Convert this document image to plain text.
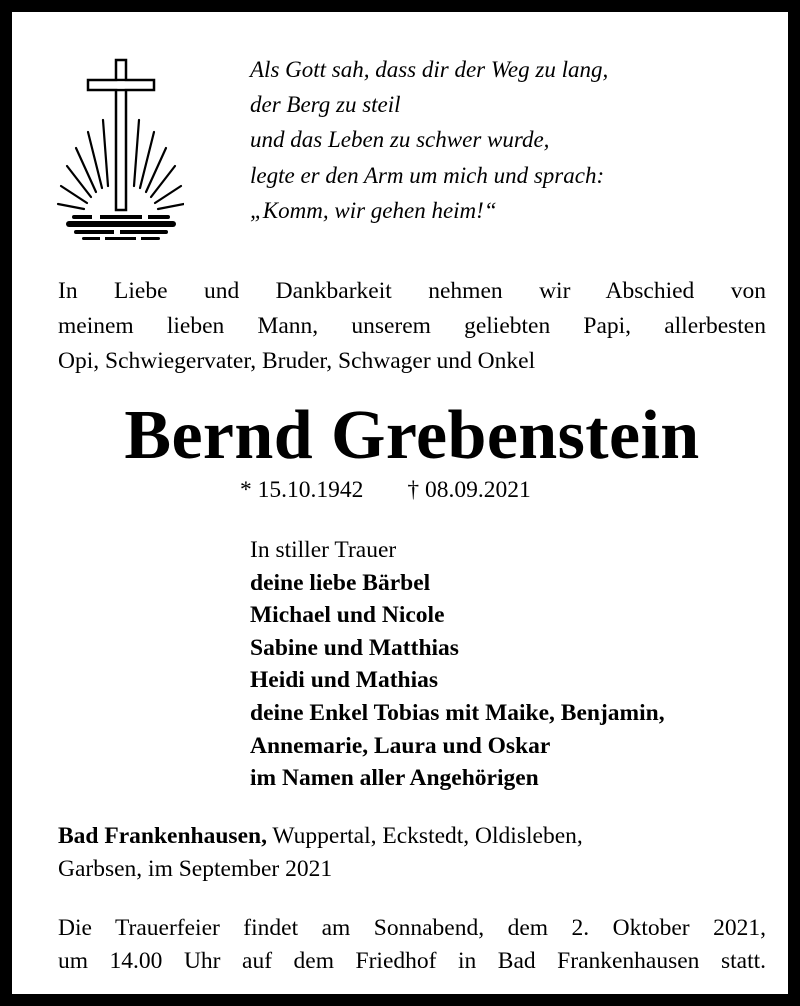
Als Gott sah, dass dir der Weg zu lang,
der Berg zu steil
und das Leben zu schwer wurde,
legte er den Arm um mich und sprach:
„Komm, wir gehen heim!“
In Liebe und Dankbarkeit nehmen wir Abschied von
meinem lieben Mann, unserem geliebten Papi, allerbesten
Opi, Schwiegervater, Bruder, Schwager und Onkel
Bernd Grebenstein
* 15.10.1942 † 08.09.2021
In stiller Trauer
deine liebe Bärbel
Michael und Nicole
Sabine und Matthias
Heidi und Mathias
deine Enkel Tobias mit Maike, Benjamin,
Annemarie, Laura und Oskar
im Namen aller Angehörigen
Bad Frankenhausen, Wuppertal, Eckstedt, Oldisleben,
Garbsen, im September 2021
Die Trauerfeier findet am Sonnabend, dem 2. Oktober 2021,
um 14.00 Uhr auf dem Friedhof in Bad Frankenhausen statt.
